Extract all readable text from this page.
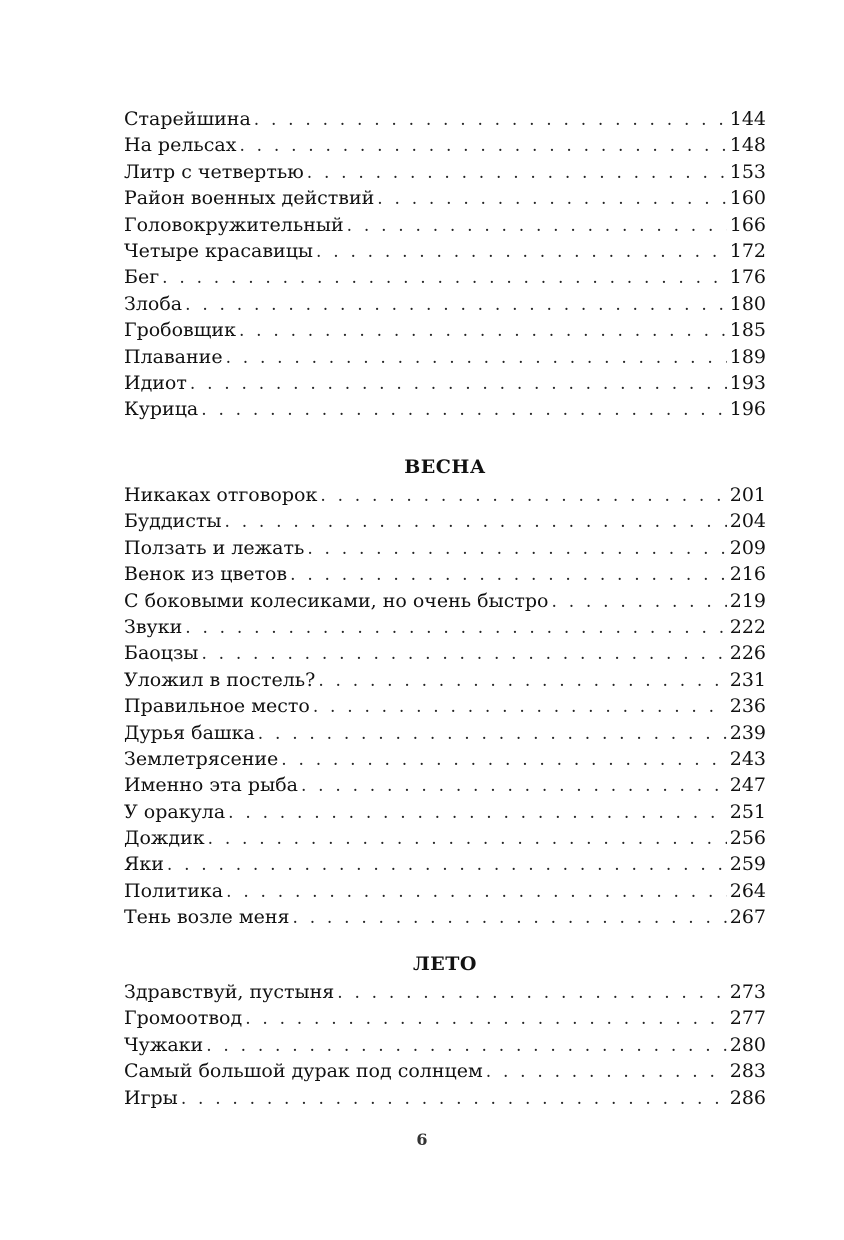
Старейшина . . .	144
На рельсах . . .	148
Литр с четвертью . . .	153
Район военных действий . . .	160
Головокружительный . . .	166
Четыре красавицы . . .	172
Бег . . .	176
Злоба . . .	180
Гробовщик . . .	185
Плавание . . .	189
Идиот . . .	193
Курица . . .	196
ВЕСНА
Никаках отговорок . . .	201
Буддисты . . .	204
Ползать и лежать . . .	209
Венок из цветов . . .	216
С боковыми колесиками, но очень быстро . . .	219
Звуки . . .	222
Баоцзы . . .	226
Уложил в постель? . . .	231
Правильное место . . .	236
Дурья башка . . .	239
Землетрясение . . .	243
Именно эта рыба . . .	247
У оракула . . .	251
Дождик . . .	256
Яки . . .	259
Политика . . .	264
Тень возле меня . . .	267
ЛЕТО
Здравствуй, пустыня . . .	273
Громоотвод . . .	277
Чужаки . . .	280
Самый большой дурак под солнцем . . .	283
Игры . . .	286
6
